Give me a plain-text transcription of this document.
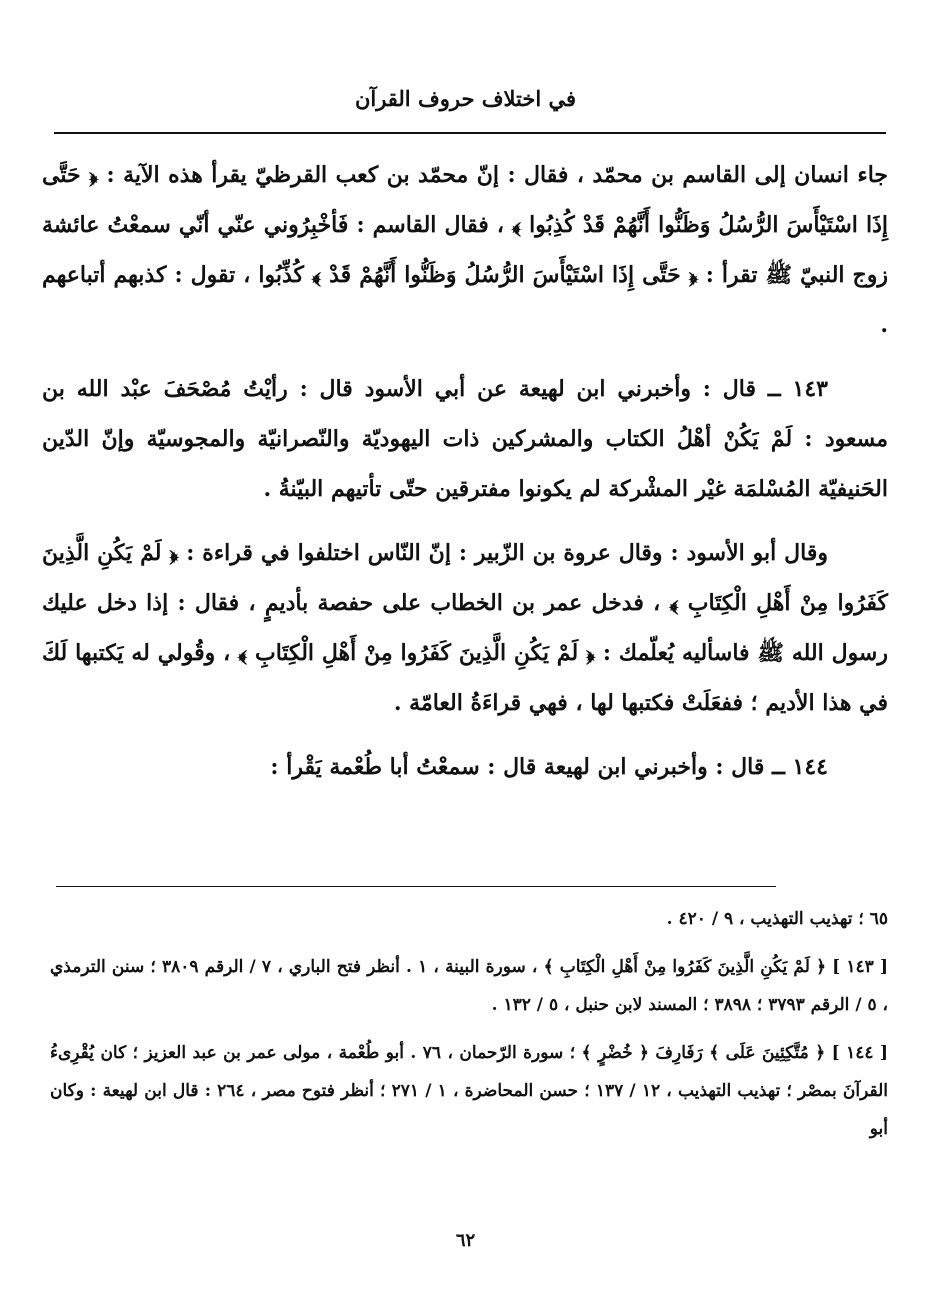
في اختلاف حروف القرآن

جاء انسان إلى القاسم بن محمّد ، فقال : إنّ محمّد بن كعب القرظيّ يقرأ هذه الآية : ﴿ حَتَّى إِذَا اسْتَيْأَسَ الرُّسُلُ وَظَنُّوا أَنَّهُمْ قَدْ كُذِبُوا ﴾ ، فقال القاسم : فَأخْبِرُوني عنّي أنّي سمعْتُ عائشة زوج النبيّ ﷺ تقرأ : ﴿ حَتَّى إِذَا اسْتَيْأَسَ الرُّسُلُ وَظَنُّوا أَنَّهُمْ قَدْ ﴾ كُذِّبُوا ، تقول : كذبهم أتباعهم .

١٤٣ ــ قال : وأخبرني ابن لهيعة عن أبي الأسود قال : رأيْتُ مُصْحَفَ عبْد الله بن مسعود : لَمْ يَكُنْ أهْلُ الكتاب والمشركين ذات اليهوديّة والنّصرانيّة والمجوسيّة وإنّ الدّين الحَنيفيّة المُسْلمَة غيْر المشْركة لم يكونوا مفترقين حتّى تأتيهم البيّنةُ .

وقال أبو الأسود : وقال عروة بن الزّبير : إنّ النّاس اختلفوا في قراءة : ﴿ لَمْ يَكُنِ الَّذِينَ كَفَرُوا مِنْ أَهْلِ الْكِتَابِ ﴾ ، فدخل عمر بن الخطاب على حفصة بأديمٍ ، فقال : إذا دخل عليك رسول الله ﷺ فاسأليه يُعلّمك : ﴿ لَمْ يَكُنِ الَّذِينَ كَفَرُوا مِنْ أَهْلِ الْكِتَابِ ﴾ ، وقُولي له يَكتبها لَكَ في هذا الأديم ؛ ففعَلَتْ فكتبها لها ، فهي قراءَةُ العامّة .

١٤٤ ــ قال : وأخبرني ابن لهيعة قال : سمعْتُ أبا طُعْمة يَقْرأ :

٦٥ ؛ تهذيب التهذيب ، ٩ / ٤٢٠ .

[ ١٤٣ ] ﴿ لَمْ يَكُنِ الَّذِينَ كَفَرُوا مِنْ أَهْلِ الْكِتَابِ ﴾ ، سورة البينة ، ١ . أنظر فتح الباري ، ٧ / الرقم ٣٨٠٩ ؛ سنن الترمذي ، ٥ / الرقم ٣٧٩٣ ؛ ٣٨٩٨ ؛ المسند لابن حنبل ، ٥ / ١٣٢ .

[ ١٤٤ ] ﴿ مُتَّكِئِينَ عَلَى ﴾ رَفَارِفَ ﴿ خُضْرٍ ﴾ ؛ سورة الرّحمان ، ٧٦ . أبو طُعْمة ، مولى عمر بن عبد العزيز ؛ كان يُقْرِىءُ القرآنَ بمصْر ؛ تهذيب التهذيب ، ١٢ / ١٣٧ ؛ حسن المحاضرة ، ١ / ٢٧١ ؛ أنظر فتوح مصر ، ٢٦٤ : قال ابن لهيعة : وكان أبو

٦٢
